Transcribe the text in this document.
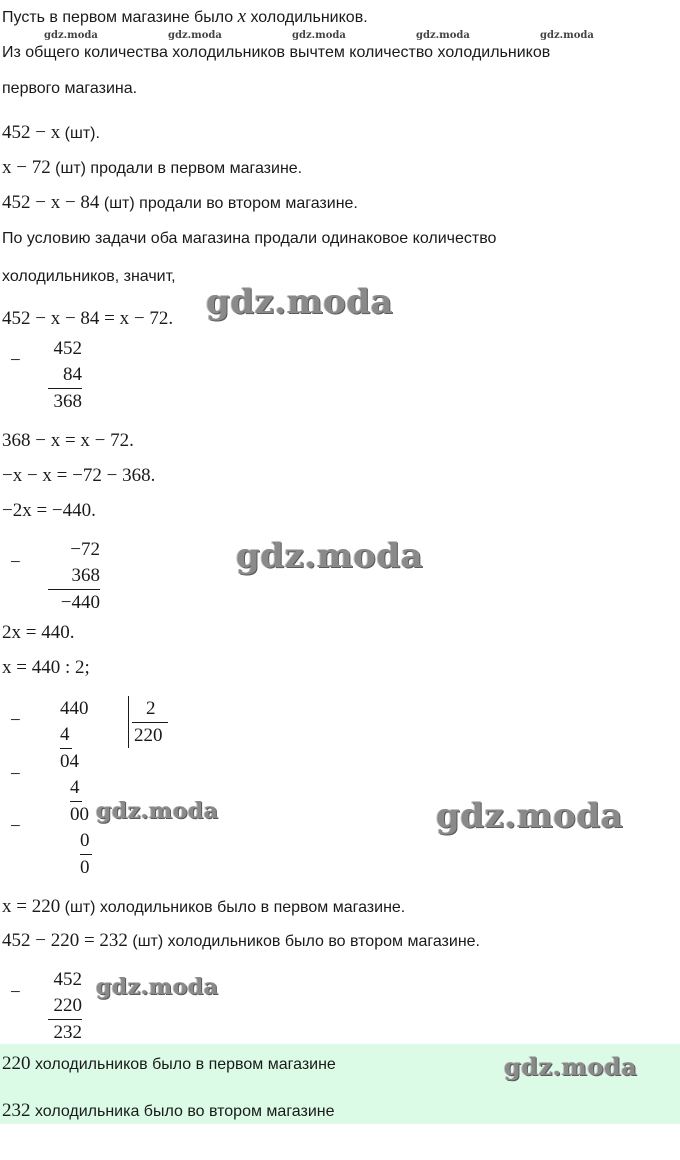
gdz.moda	gdz.moda	gdz.moda	gdz.moda	gdz.moda
Пусть в первом магазине было x холодильников.
Из общего количества холодильников вычтем количество холодильников
первого магазина.
452 − x (шт).
x − 72 (шт) продали в первом магазине.
452 − x − 84 (шт) продали во втором магазине.
По условию задачи оба магазина продали одинаковое количество
холодильников, значит,
452 − x − 84 = x − 72. gdz.moda
−
452
84
368
368 − x = x − 72.
−x − x = −72 − 368.
−2x = −440.
−
−72
368
−440
gdz.moda
2x = 440.
x = 440 : 2;
−
−
−
440
4
04
4
00
0
0
2
220
gdz.moda	gdz.moda
x = 220 (шт) холодильников было в первом магазине.
452 − 220 = 232 (шт) холодильников было во втором магазине.
−
452
220
232
gdz.moda
220 холодильников было в первом магазине
232 холодильника было во втором магазине
gdz.moda
